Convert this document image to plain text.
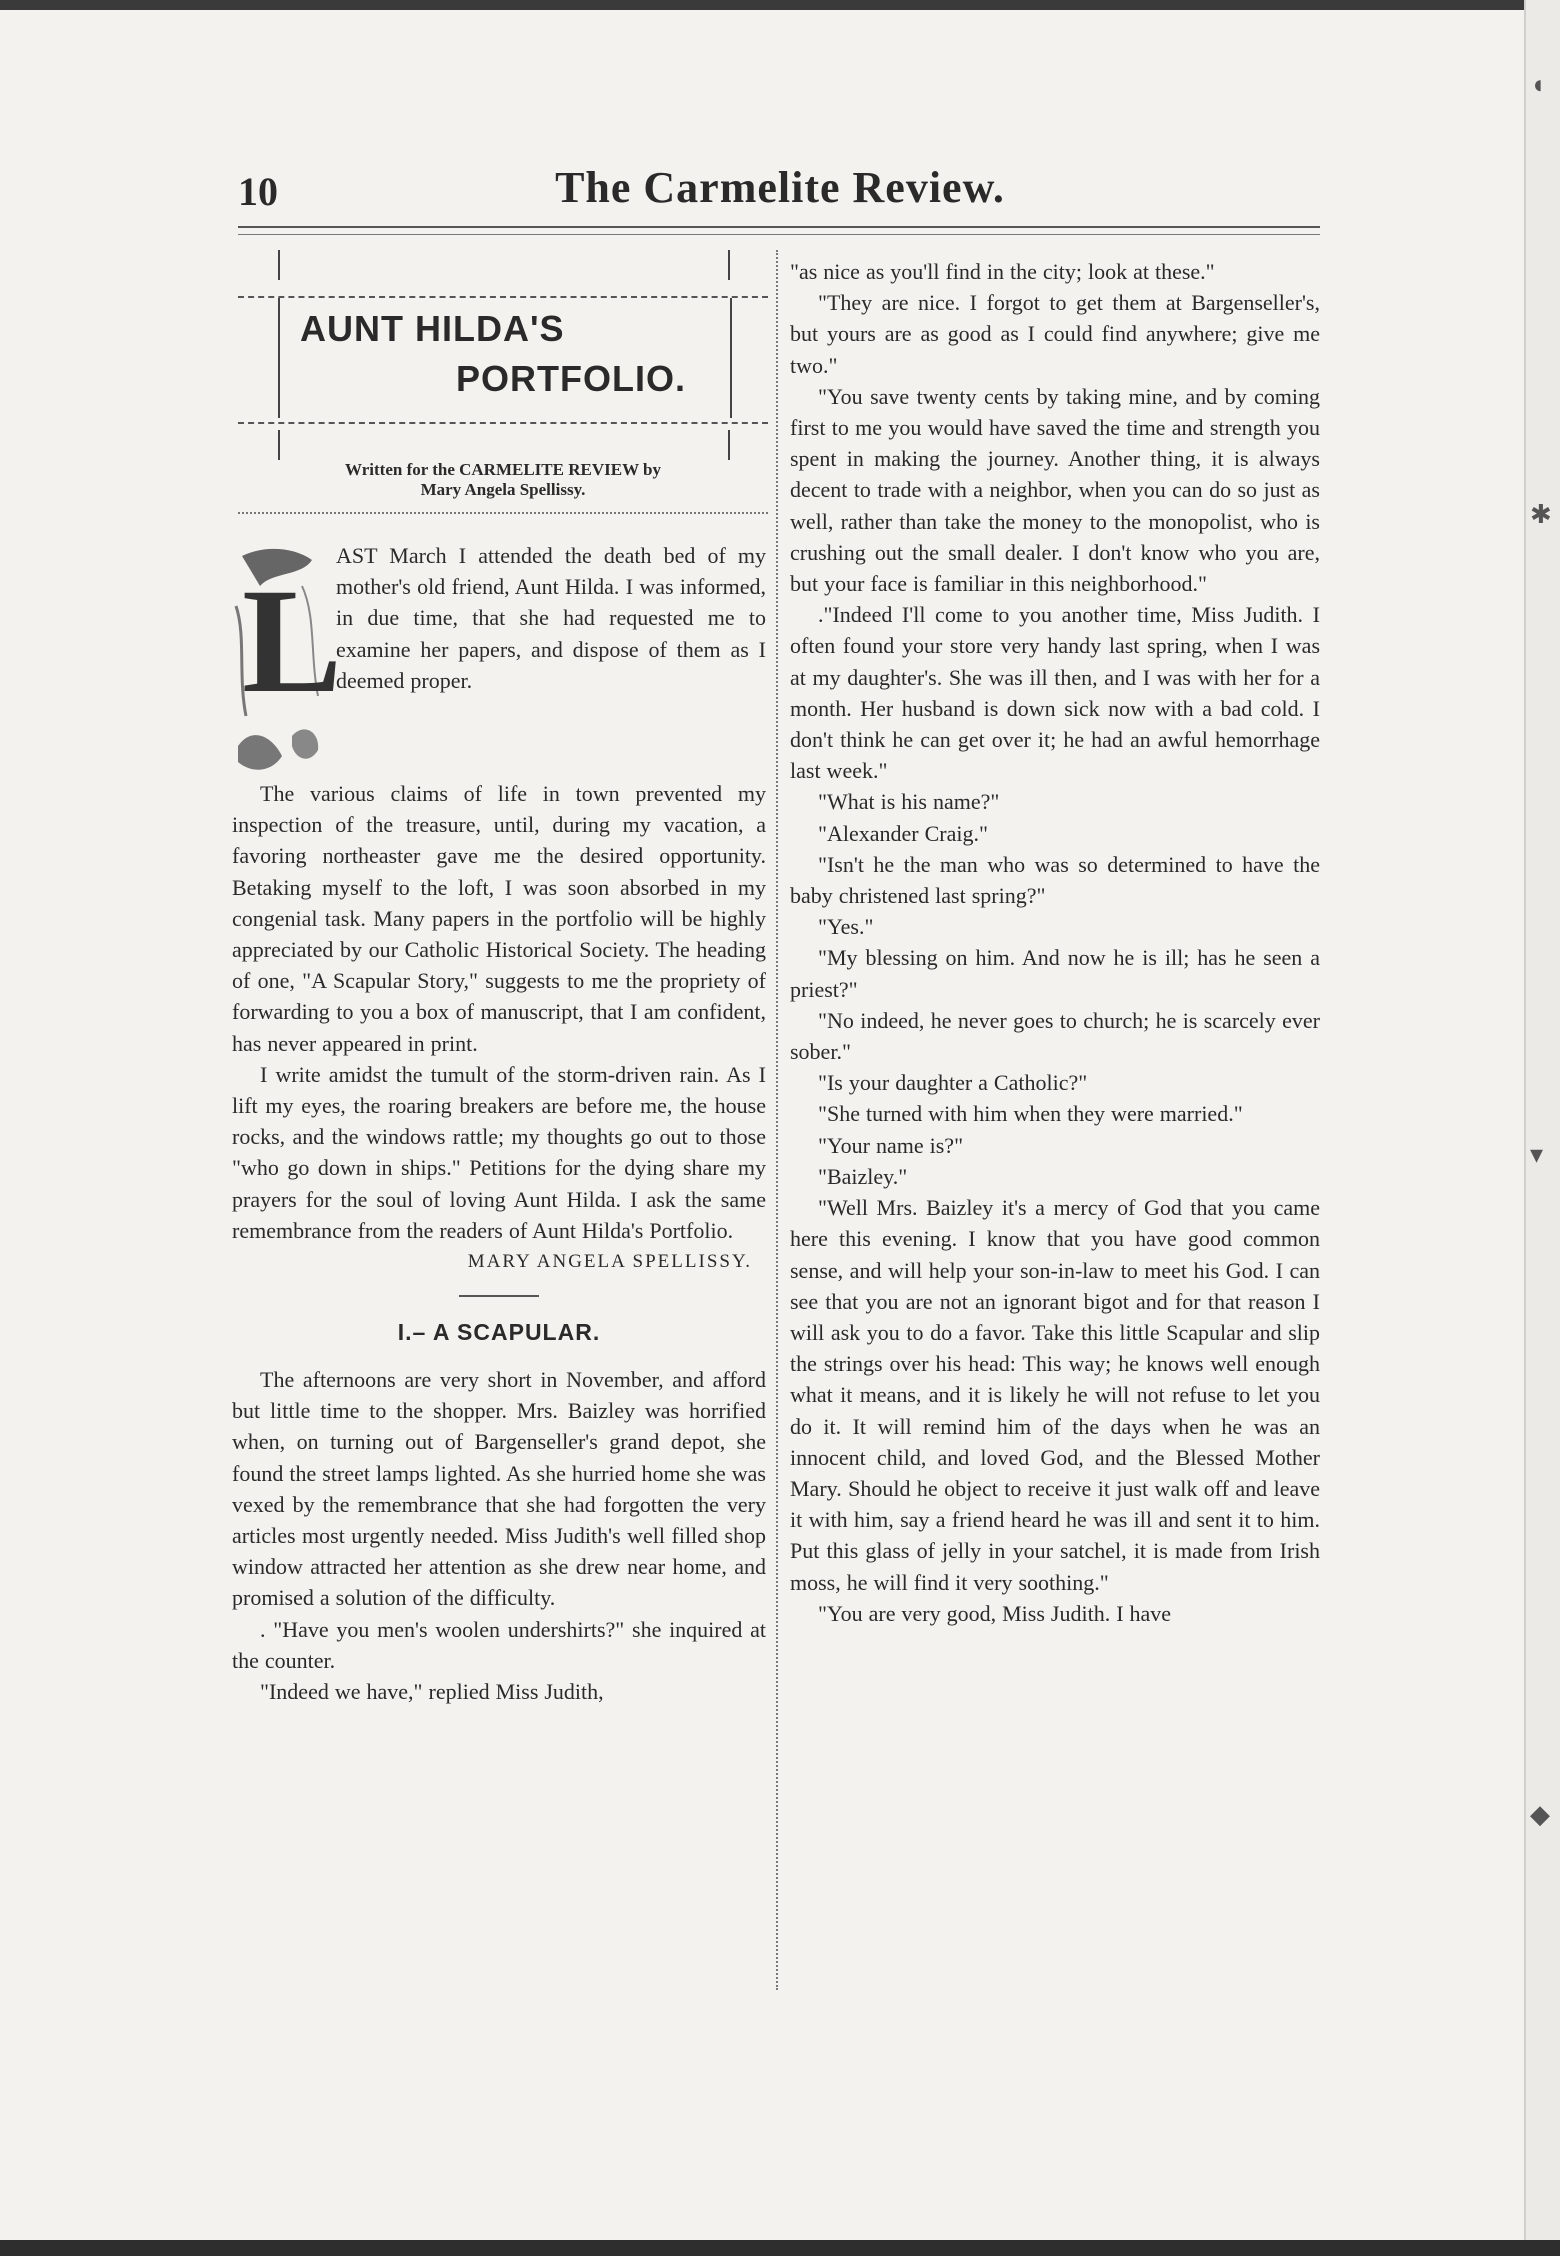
◖
✱
▾
◆
10	The Carmelite Review.
AUNT HILDA'S
PORTFOLIO.
Written for the CARMELITE REVIEW by
Mary Angela Spellissy.
L

AST March I attended the death bed of my mother's old friend, Aunt Hilda. I was informed, in due time, that she had requested me to examine her papers, and dispose of them as I deemed proper.

The various claims of life in town prevented my inspection of the treasure, until, during my vacation, a favoring northeaster gave me the desired opportunity. Betaking myself to the loft, I was soon absorbed in my congenial task. Many papers in the portfolio will be highly appreciated by our Catholic Historical Society. The heading of one, "A Scapular Story," suggests to me the propriety of forwarding to you a box of manuscript, that I am confident, has never appeared in print.

I write amidst the tumult of the storm-driven rain. As I lift my eyes, the roaring breakers are before me, the house rocks, and the windows rattle; my thoughts go out to those "who go down in ships." Petitions for the dying share my prayers for the soul of loving Aunt Hilda. I ask the same remembrance from the readers of Aunt Hilda's Portfolio.

MARY ANGELA SPELLISSY.
I.– A SCAPULAR.

The afternoons are very short in November, and afford but little time to the shopper. Mrs. Baizley was horrified when, on turning out of Bargenseller's grand depot, she found the street lamps lighted. As she hurried home she was vexed by the remembrance that she had forgotten the very articles most urgently needed. Miss Judith's well filled shop window attracted her attention as she drew near home, and promised a solution of the difficulty.

. "Have you men's woolen undershirts?" she inquired at the counter.

"Indeed we have," replied Miss Judith,

"as nice as you'll find in the city; look at these."

"They are nice. I forgot to get them at Bargenseller's, but yours are as good as I could find anywhere; give me two."

"You save twenty cents by taking mine, and by coming first to me you would have saved the time and strength you spent in making the journey. Another thing, it is always decent to trade with a neighbor, when you can do so just as well, rather than take the money to the monopolist, who is crushing out the small dealer. I don't know who you are, but your face is familiar in this neighborhood."

."Indeed I'll come to you another time, Miss Judith. I often found your store very handy last spring, when I was at my daughter's. She was ill then, and I was with her for a month. Her husband is down sick now with a bad cold. I don't think he can get over it; he had an awful hemorrhage last week."

"What is his name?"

"Alexander Craig."

"Isn't he the man who was so determined to have the baby christened last spring?"

"Yes."

"My blessing on him. And now he is ill; has he seen a priest?"

"No indeed, he never goes to church; he is scarcely ever sober."

"Is your daughter a Catholic?"

"She turned with him when they were married."

"Your name is?"

"Baizley."

"Well Mrs. Baizley it's a mercy of God that you came here this evening. I know that you have good common sense, and will help your son-in-law to meet his God. I can see that you are not an ignorant bigot and for that reason I will ask you to do a favor. Take this little Scapular and slip the strings over his head: This way; he knows well enough what it means, and it is likely he will not refuse to let you do it. It will remind him of the days when he was an innocent child, and loved God, and the Blessed Mother Mary. Should he object to receive it just walk off and leave it with him, say a friend heard he was ill and sent it to him. Put this glass of jelly in your satchel, it is made from Irish moss, he will find it very soothing."

"You are very good, Miss Judith. I have
